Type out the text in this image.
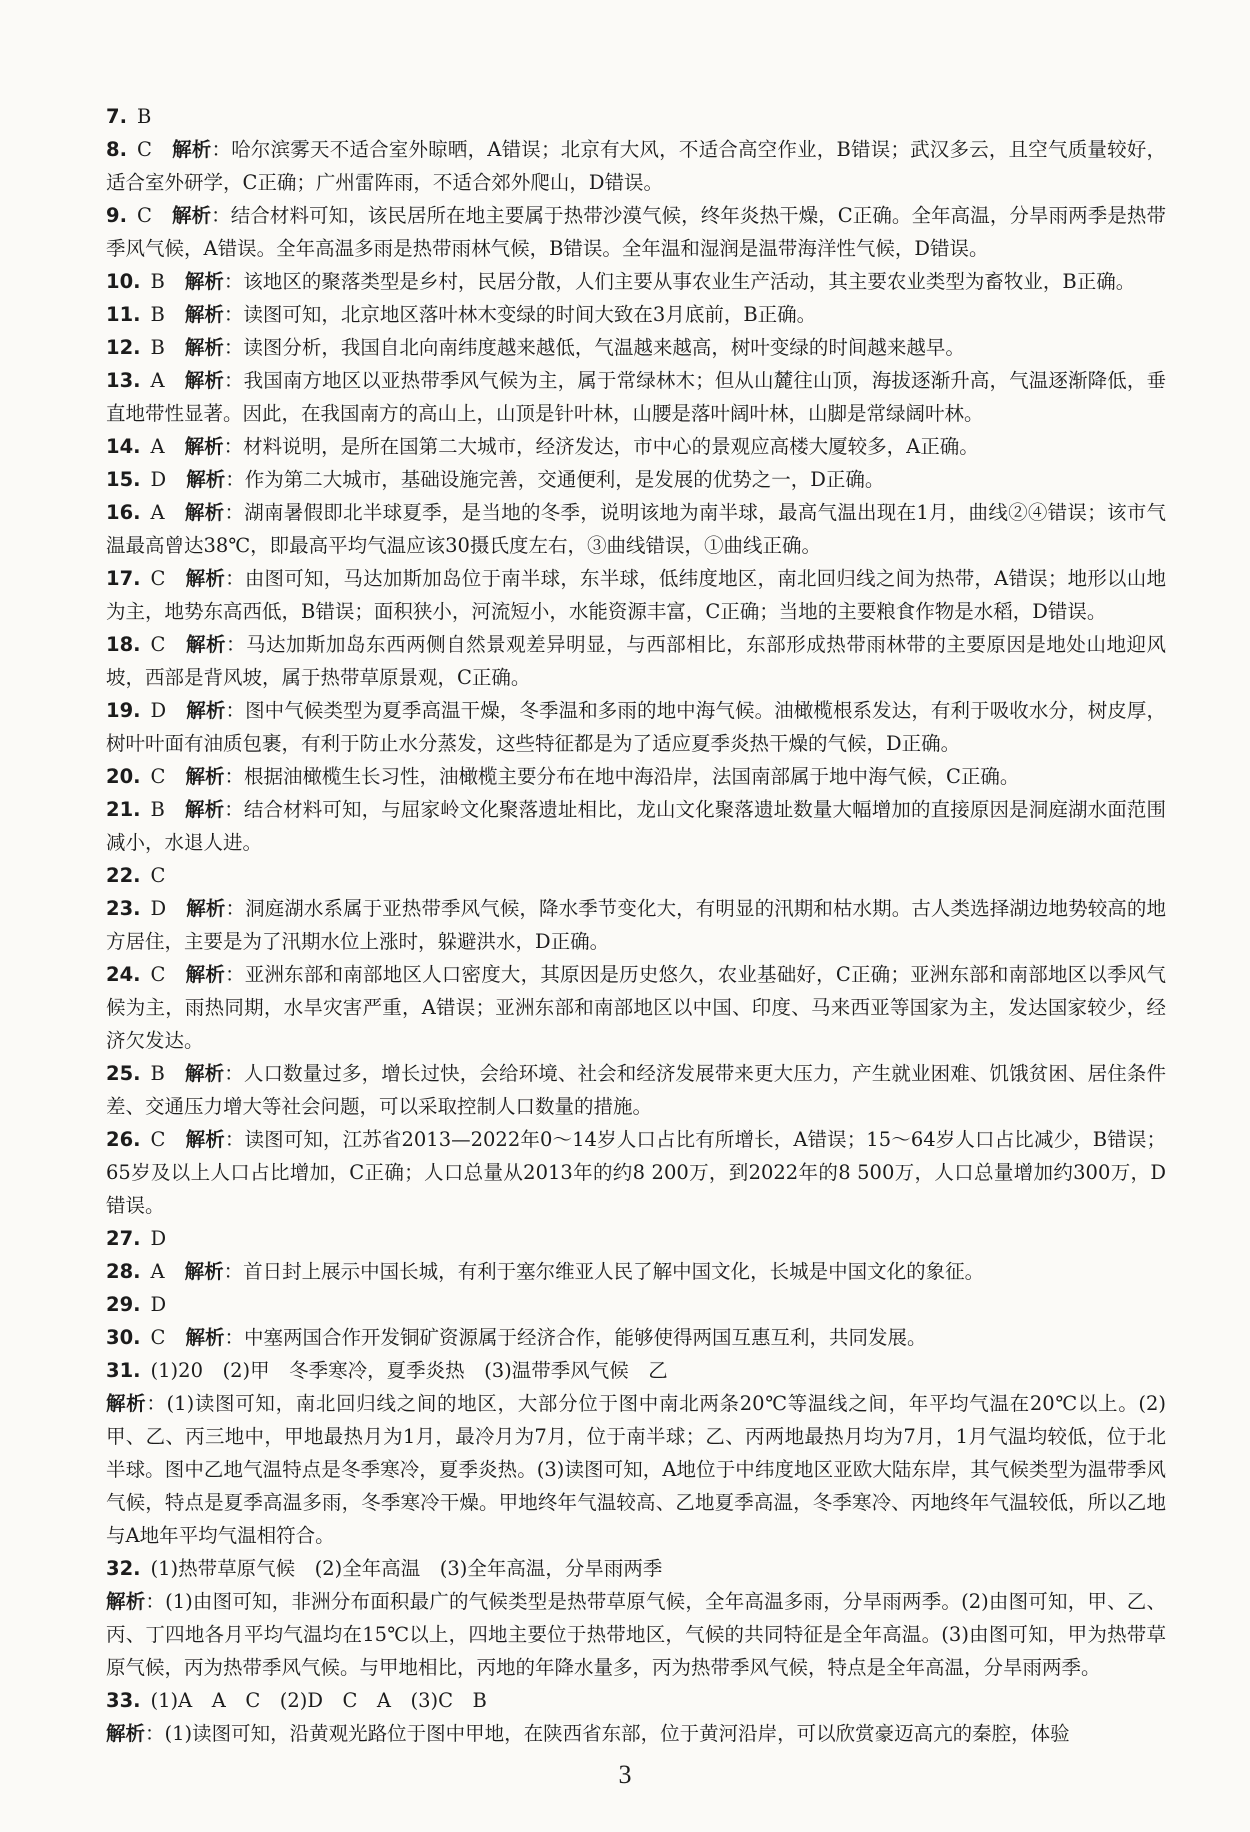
7. B
8. C 解析：哈尔滨雾天不适合室外晾晒，A错误；北京有大风，不适合高空作业，B错误；武汉多云，且空气质量较好，适合室外研学，C正确；广州雷阵雨，不适合郊外爬山，D错误。
9. C 解析：结合材料可知，该民居所在地主要属于热带沙漠气候，终年炎热干燥，C正确。全年高温，分旱雨两季是热带季风气候，A错误。全年高温多雨是热带雨林气候，B错误。全年温和湿润是温带海洋性气候，D错误。
10. B 解析：该地区的聚落类型是乡村，民居分散，人们主要从事农业生产活动，其主要农业类型为畜牧业，B正确。
11. B 解析：读图可知，北京地区落叶林木变绿的时间大致在3月底前，B正确。
12. B 解析：读图分析，我国自北向南纬度越来越低，气温越来越高，树叶变绿的时间越来越早。
13. A 解析：我国南方地区以亚热带季风气候为主，属于常绿林木；但从山麓往山顶，海拔逐渐升高，气温逐渐降低，垂直地带性显著。因此，在我国南方的高山上，山顶是针叶林，山腰是落叶阔叶林，山脚是常绿阔叶林。
14. A 解析：材料说明，是所在国第二大城市，经济发达，市中心的景观应高楼大厦较多，A正确。
15. D 解析：作为第二大城市，基础设施完善，交通便利，是发展的优势之一，D正确。
16. A 解析：湖南暑假即北半球夏季，是当地的冬季，说明该地为南半球，最高气温出现在1月，曲线②④错误；该市气温最高曾达38℃，即最高平均气温应该30摄氏度左右，③曲线错误，①曲线正确。
17. C 解析：由图可知，马达加斯加岛位于南半球，东半球，低纬度地区，南北回归线之间为热带，A错误；地形以山地为主，地势东高西低，B错误；面积狭小，河流短小，水能资源丰富，C正确；当地的主要粮食作物是水稻，D错误。
18. C 解析：马达加斯加岛东西两侧自然景观差异明显，与西部相比，东部形成热带雨林带的主要原因是地处山地迎风坡，西部是背风坡，属于热带草原景观，C正确。
19. D 解析：图中气候类型为夏季高温干燥，冬季温和多雨的地中海气候。油橄榄根系发达，有利于吸收水分，树皮厚，树叶叶面有油质包裹，有利于防止水分蒸发，这些特征都是为了适应夏季炎热干燥的气候，D正确。
20. C 解析：根据油橄榄生长习性，油橄榄主要分布在地中海沿岸，法国南部属于地中海气候，C正确。
21. B 解析：结合材料可知，与屈家岭文化聚落遗址相比，龙山文化聚落遗址数量大幅增加的直接原因是洞庭湖水面范围减小，水退人进。
22. C
23. D 解析：洞庭湖水系属于亚热带季风气候，降水季节变化大，有明显的汛期和枯水期。古人类选择湖边地势较高的地方居住，主要是为了汛期水位上涨时，躲避洪水，D正确。
24. C 解析：亚洲东部和南部地区人口密度大，其原因是历史悠久，农业基础好，C正确；亚洲东部和南部地区以季风气候为主，雨热同期，水旱灾害严重，A错误；亚洲东部和南部地区以中国、印度、马来西亚等国家为主，发达国家较少，经济欠发达。
25. B 解析：人口数量过多，增长过快，会给环境、社会和经济发展带来更大压力，产生就业困难、饥饿贫困、居住条件差、交通压力增大等社会问题，可以采取控制人口数量的措施。
26. C 解析：读图可知，江苏省2013—2022年0～14岁人口占比有所增长，A错误；15～64岁人口占比减少，B错误；65岁及以上人口占比增加，C正确；人口总量从2013年的约8 200万，到2022年的8 500万，人口总量增加约300万，D错误。
27. D
28. A 解析：首日封上展示中国长城，有利于塞尔维亚人民了解中国文化，长城是中国文化的象征。
29. D
30. C 解析：中塞两国合作开发铜矿资源属于经济合作，能够使得两国互惠互利，共同发展。
31. (1)20　(2)甲　冬季寒冷，夏季炎热　(3)温带季风气候　乙
解析：(1)读图可知，南北回归线之间的地区，大部分位于图中南北两条20℃等温线之间，年平均气温在20℃以上。(2)甲、乙、丙三地中，甲地最热月为1月，最冷月为7月，位于南半球；乙、丙两地最热月均为7月，1月气温均较低，位于北半球。图中乙地气温特点是冬季寒冷，夏季炎热。(3)读图可知，A地位于中纬度地区亚欧大陆东岸，其气候类型为温带季风气候，特点是夏季高温多雨，冬季寒冷干燥。甲地终年气温较高、乙地夏季高温，冬季寒冷、丙地终年气温较低，所以乙地与A地年平均气温相符合。
32. (1)热带草原气候　(2)全年高温　(3)全年高温，分旱雨两季
解析：(1)由图可知，非洲分布面积最广的气候类型是热带草原气候，全年高温多雨，分旱雨两季。(2)由图可知，甲、乙、丙、丁四地各月平均气温均在15℃以上，四地主要位于热带地区，气候的共同特征是全年高温。(3)由图可知，甲为热带草原气候，丙为热带季风气候。与甲地相比，丙地的年降水量多，丙为热带季风气候，特点是全年高温，分旱雨两季。
33. (1)A　A　C　(2)D　C　A　(3)C　B
解析：(1)读图可知，沿黄观光路位于图中甲地，在陕西省东部，位于黄河沿岸，可以欣赏豪迈高亢的秦腔，体验
3
